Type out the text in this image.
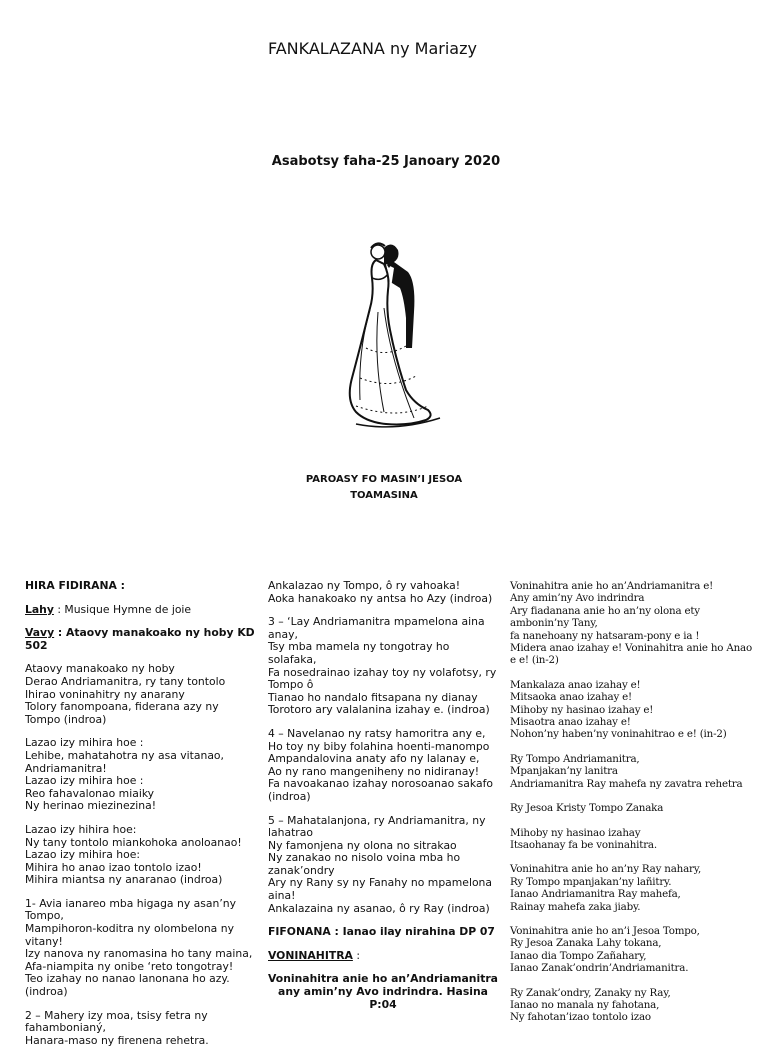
FANKALAZANA ny Mariazy
Asabotsy faha-25 Janoary 2020
PAROASY FO MASIN’I JESOA
TOAMASINA

HIRA FIDIRANA :

Lahy : Musique Hymne de joie

Vavy : Ataovy manakoako ny hoby KD 502

Ataovy manakoako ny hoby
Derao Andriamanitra, ry tany tontolo
Ihirao voninahitry ny anarany
Tolory fanompoana, fiderana azy ny Tompo (indroa)

Lazao izy mihira hoe :
Lehibe, mahatahotra ny asa vitanao, Andriamanitra!
Lazao izy mihira hoe :
Reo fahavalonao miaiky
Ny herinao miezinezina!

Lazao izy hihira hoe:
Ny tany tontolo miankohoka anoloanao!
Lazao izy mihira hoe:
Mihira ho anao izao tontolo izao!
Mihira miantsa ny anaranao (indroa)

1- Avia ianareo mba higaga ny asan’ny Tompo,
Mampihoron-koditra ny olombelona ny vitany!
Izy nanova ny ranomasina ho tany maina,
Afa-niampita ny onibe ‘reto tongotray!
Teo izahay no nanao lanonana ho azy. (indroa)

2 – Mahery izy moa, tsisy fetra ny fahambonianý,
Hanara-maso ny firenena rehetra.

Ankalazao ny Tompo, ô ry vahoaka!
Aoka hanakoako ny antsa ho Azy (indroa)

3 – ‘Lay Andriamanitra mpamelona aina anay,
Tsy mba mamela ny tongotray ho solafaka,
Fa nosedrainao izahay toy ny volafotsy, ry Tompo ô
Tianao ho nandalo fitsapana ny dianay
Torotoro ary valalanina izahay e. (indroa)

4 – Navelanao ny ratsy hamoritra any e,
Ho toy ny biby folahina hoenti-manompo
Ampandalovina anaty afo ny lalanay e,
Ao ny rano mangeniheny no nidiranay!
Fa navoakanao izahay norosoanao sakafo (indroa)

5 – Mahatalanjona, ry Andriamanitra, ny lahatrao
Ny famonjena ny olona no sitrakao
Ny zanakao no nisolo voina mba ho zanak’ondry
Ary ny Rany sy ny Fanahy no mpamelona aina!
Ankalazaina ny asanao, ô ry Ray (indroa)

FIFONANA : Ianao ilay nirahina DP 07

VONINAHITRA :

Voninahitra anie ho an’Andriamanitra any amin’ny Avo indrindra. Hasina P:04

Voninahitra anie ho an’Andriamanitra e!
Any amin’ny Avo indrindra
Ary fiadanana anie ho an’ny olona ety ambonin’ny Tany,
fa nanehoany ny hatsaram-pony e ia !
Midera anao izahay e! Voninahitra anie ho Anao e e! (in-2)

Mankalaza anao izahay e!
Mitsaoka anao izahay e!
Mihoby ny hasinao izahay e!
Misaotra anao izahay e!
Nohon’ny haben’ny voninahitrao e e! (in-2)

Ry Tompo Andriamanitra,
Mpanjakan’ny lanitra
Andriamanitra Ray mahefa ny zavatra rehetra

Ry Jesoa Kristy Tompo Zanaka

Mihoby ny hasinao izahay
Itsaohanay fa be voninahitra.

Voninahitra anie ho an’ny Ray nahary,
Ry Tompo mpanjakan’ny lañitry.
Ianao Andriamanitra Ray mahefa,
Rainay mahefa zaka jiaby.

Voninahitra anie ho an’i Jesoa Tompo,
Ry Jesoa Zanaka Lahy tokana,
Ianao dia Tompo Zañahary,
Ianao Zanak’ondrin’Andriamanitra.

Ry Zanak’ondry, Zanaky ny Ray,
Ianao no manala ny fahotana,
Ny fahotan’izao tontolo izao
